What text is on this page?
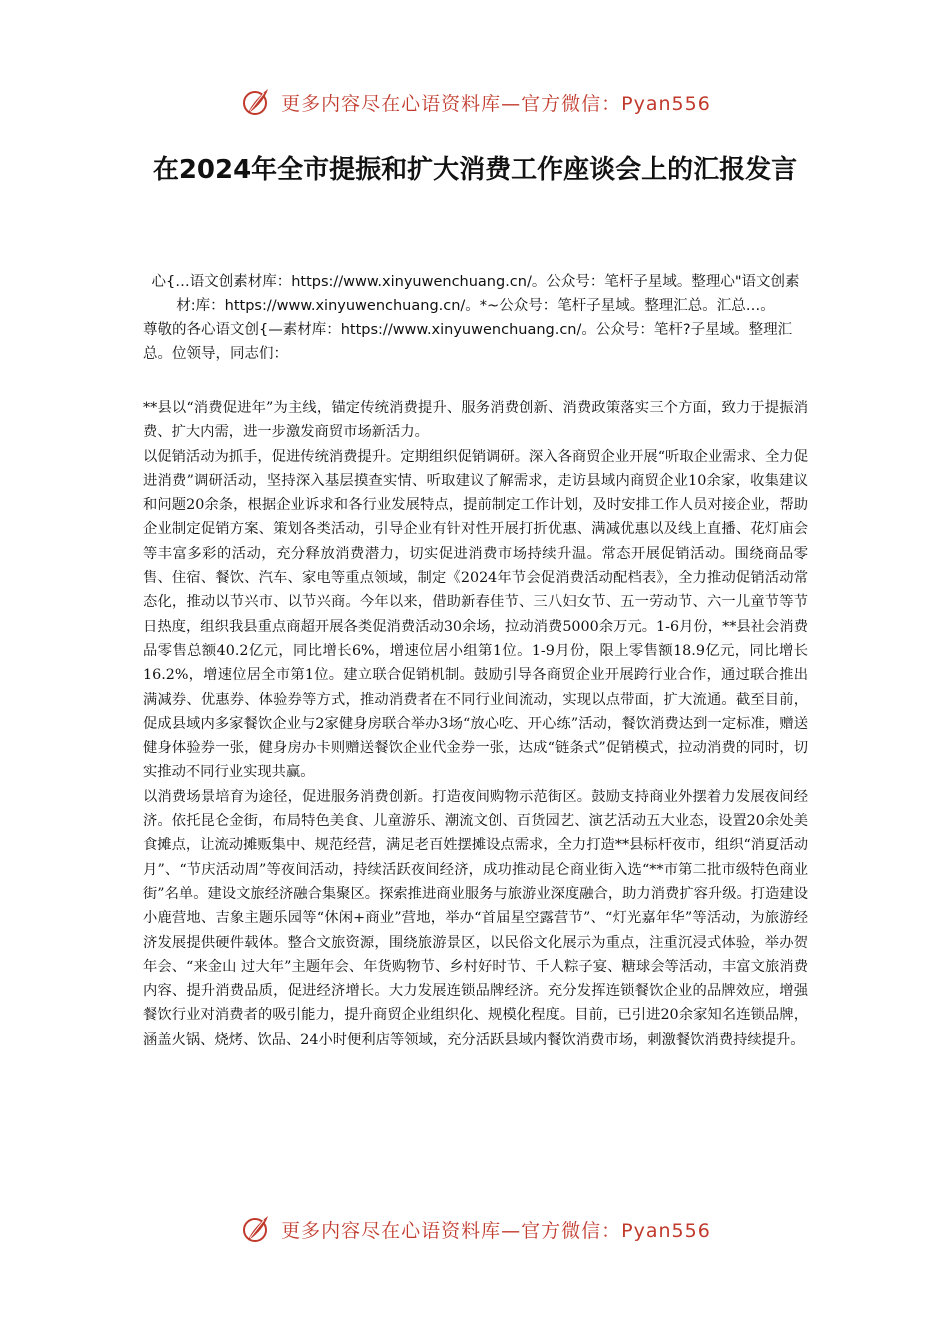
更多内容尽在心语资料库—官方微信：Pyan556
在2024年全市提振和扩大消费工作座谈会上的汇报发言

心{…语文创素材库：https://www.xinyuwenchuang.cn/。公众号：笔杆子星域。整理心"语文创素材:库：https://www.xinyuwenchuang.cn/。*~公众号：笔杆子星域。整理汇总。汇总…。

尊敬的各心语文创{—素材库：https://www.xinyuwenchuang.cn/。公众号：笔杆?子星域。整理汇总。位领导，同志们：

**县以“消费促进年”为主线，锚定传统消费提升、服务消费创新、消费政策落实三个方面，致力于提振消费、扩大内需，进一步激发商贸市场新活力。

以促销活动为抓手，促进传统消费提升。定期组织促销调研。深入各商贸企业开展“听取企业需求、全力促进消费”调研活动，坚持深入基层摸查实情、听取建议了解需求，走访县域内商贸企业10余家，收集建议和问题20余条，根据企业诉求和各行业发展特点，提前制定工作计划，及时安排工作人员对接企业，帮助企业制定促销方案、策划各类活动，引导企业有针对性开展打折优惠、满减优惠以及线上直播、花灯庙会等丰富多彩的活动，充分释放消费潜力，切实促进消费市场持续升温。常态开展促销活动。围绕商品零售、住宿、餐饮、汽车、家电等重点领域，制定《2024年节会促消费活动配档表》，全力推动促销活动常态化，推动以节兴市、以节兴商。今年以来，借助新春佳节、三八妇女节、五一劳动节、六一儿童节等节日热度，组织我县重点商超开展各类促消费活动30余场，拉动消费5000余万元。1-6月份，**县社会消费品零售总额40.2亿元，同比增长6%，增速位居小组第1位。1-9月份，限上零售额18.9亿元，同比增长16.2%，增速位居全市第1位。建立联合促销机制。鼓励引导各商贸企业开展跨行业合作，通过联合推出满减券、优惠券、体验券等方式，推动消费者在不同行业间流动，实现以点带面，扩大流通。截至目前，促成县域内多家餐饮企业与2家健身房联合举办3场“放心吃、开心练”活动，餐饮消费达到一定标准，赠送健身体验券一张，健身房办卡则赠送餐饮企业代金券一张，达成“链条式”促销模式，拉动消费的同时，切实推动不同行业实现共赢。

以消费场景培育为途径，促进服务消费创新。打造夜间购物示范街区。鼓励支持商业外摆着力发展夜间经济。依托昆仑金街，布局特色美食、儿童游乐、潮流文创、百货园艺、演艺活动五大业态，设置20余处美食摊点，让流动摊贩集中、规范经营，满足老百姓摆摊设点需求，全力打造**县标杆夜市，组织“消夏活动月”、“节庆活动周”等夜间活动，持续活跃夜间经济，成功推动昆仑商业街入选“**市第二批市级特色商业街”名单。建设文旅经济融合集聚区。探索推进商业服务与旅游业深度融合，助力消费扩容升级。打造建设小鹿营地、吉象主题乐园等“休闲+商业”营地，举办“首届星空露营节”、“灯光嘉年华”等活动，为旅游经济发展提供硬件载体。整合文旅资源，围绕旅游景区，以民俗文化展示为重点，注重沉浸式体验，举办贺年会、“来金山 过大年”主题年会、年货购物节、乡村好时节、千人粽子宴、糖球会等活动，丰富文旅消费内容、提升消费品质，促进经济增长。大力发展连锁品牌经济。充分发挥连锁餐饮企业的品牌效应，增强餐饮行业对消费者的吸引能力，提升商贸企业组织化、规模化程度。目前，已引进20余家知名连锁品牌，涵盖火锅、烧烤、饮品、24小时便利店等领域，充分活跃县域内餐饮消费市场，刺激餐饮消费持续提升。

更多内容尽在心语资料库—官方微信：Pyan556
